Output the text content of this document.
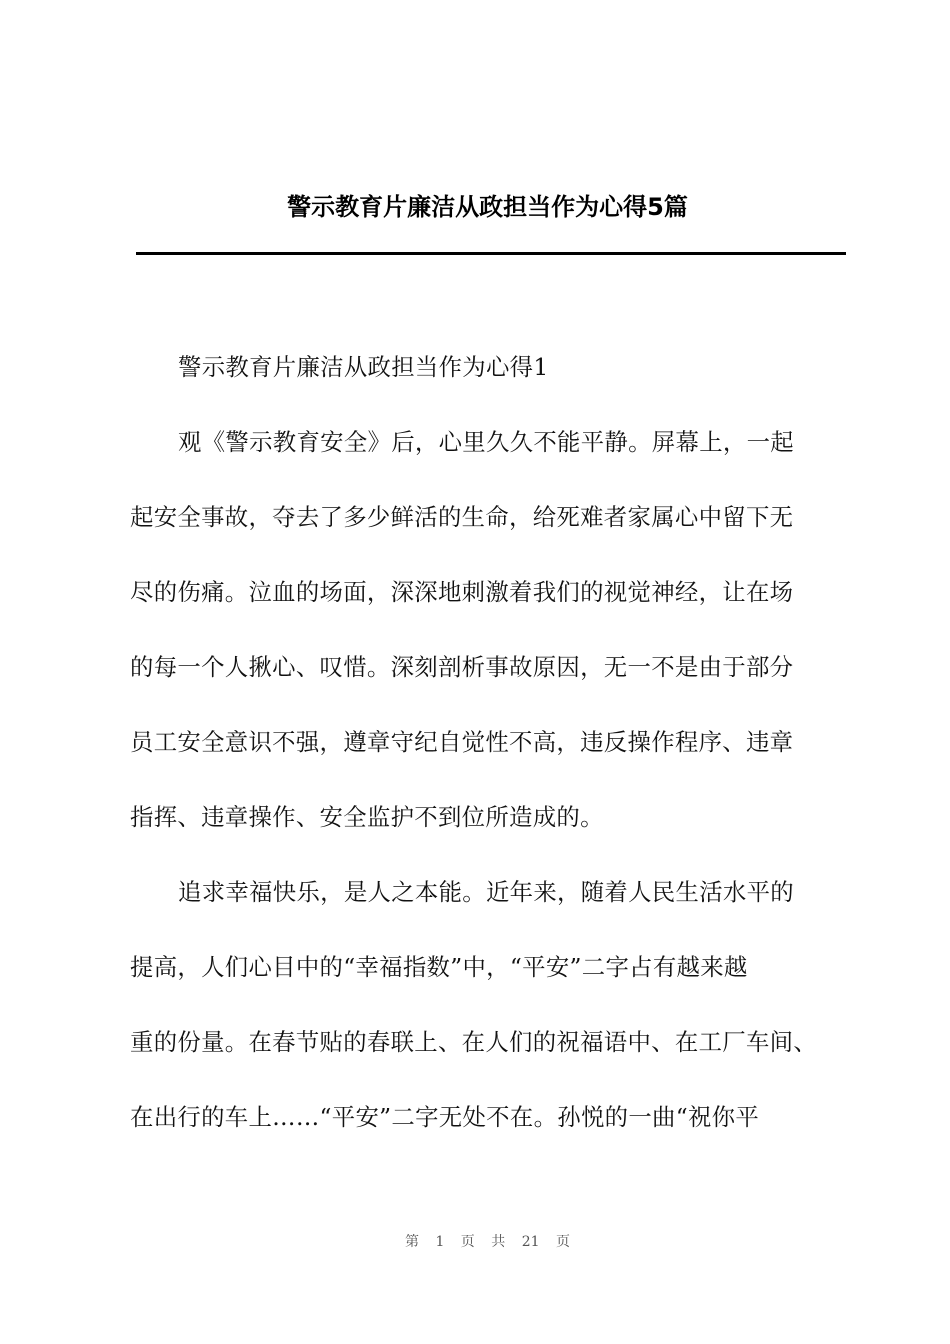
警示教育片廉洁从政担当作为心得5篇

警示教育片廉洁从政担当作为心得1

观《警示教育安全》后，心里久久不能平静。屏幕上，一起
起安全事故，夺去了多少鲜活的生命，给死难者家属心中留下无
尽的伤痛。泣血的场面，深深地刺激着我们的视觉神经，让在场
的每一个人揪心、叹惜。深刻剖析事故原因，无一不是由于部分
员工安全意识不强，遵章守纪自觉性不高，违反操作程序、违章
指挥、违章操作、安全监护不到位所造成的。

追求幸福快乐，是人之本能。近年来，随着人民生活水平的
提高，人们心目中的“幸福指数”中，“平安”二字占有越来越
重的份量。在春节贴的春联上、在人们的祝福语中、在工厂车间、
在出行的车上……“平安”二字无处不在。孙悦的一曲“祝你平

第 1 页 共 21 页
